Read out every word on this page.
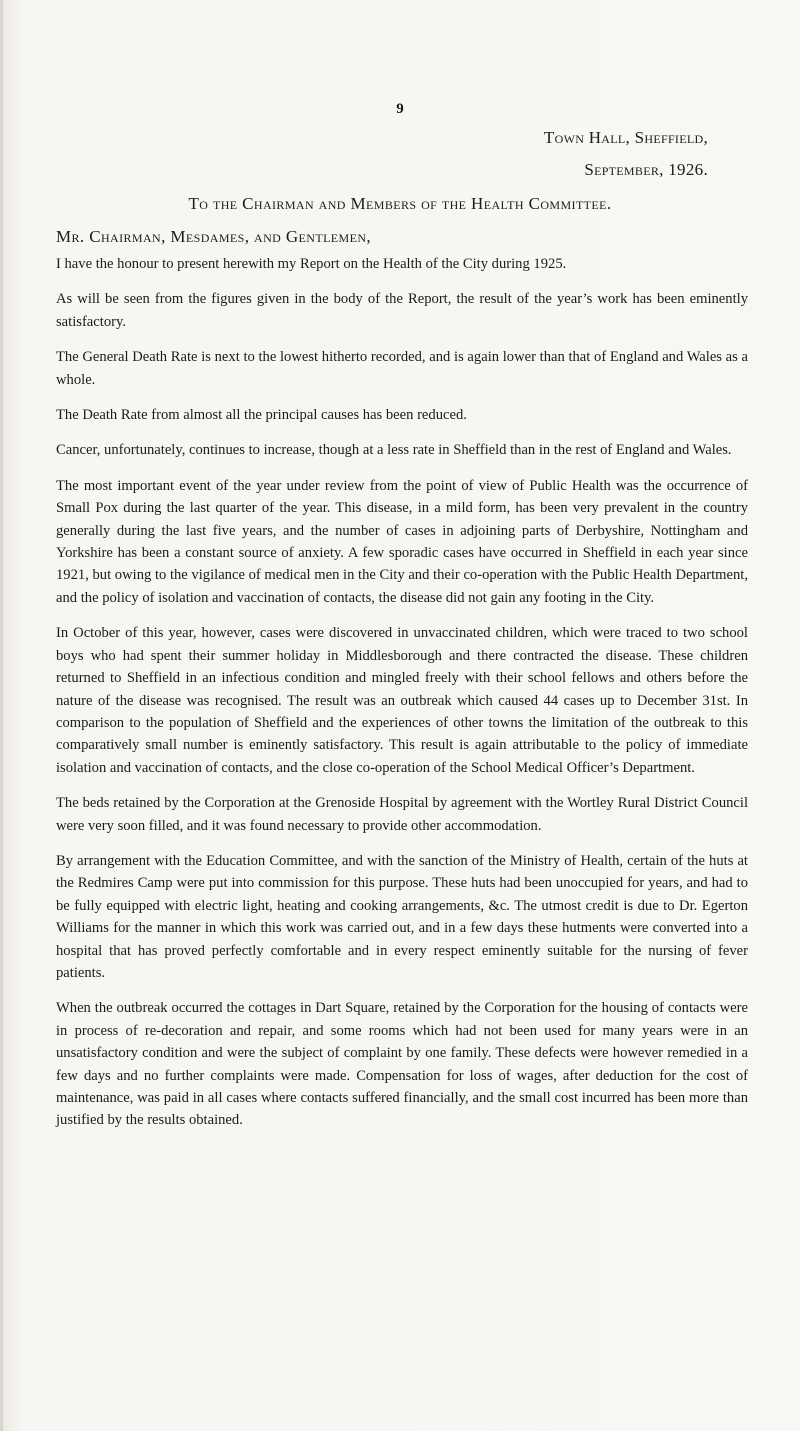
9
Town Hall, Sheffield,
September, 1926.
To the Chairman and Members of the Health Committee.
Mr. Chairman, Mesdames, and Gentlemen,

I have the honour to present herewith my Report on the Health of the City during 1925.

As will be seen from the figures given in the body of the Report, the result of the year’s work has been eminently satisfactory.

The General Death Rate is next to the lowest hitherto recorded, and is again lower than that of England and Wales as a whole.

The Death Rate from almost all the principal causes has been reduced.

Cancer, unfortunately, continues to increase, though at a less rate in Sheffield than in the rest of England and Wales.

The most important event of the year under review from the point of view of Public Health was the occurrence of Small Pox during the last quarter of the year. This disease, in a mild form, has been very prevalent in the country generally during the last five years, and the number of cases in adjoining parts of Derbyshire, Nottingham and Yorkshire has been a constant source of anxiety. A few sporadic cases have occurred in Sheffield in each year since 1921, but owing to the vigilance of medical men in the City and their co-operation with the Public Health Department, and the policy of isolation and vaccination of contacts, the disease did not gain any footing in the City.

In October of this year, however, cases were discovered in unvaccinated children, which were traced to two school boys who had spent their summer holiday in Middlesborough and there contracted the disease. These children returned to Sheffield in an infectious condition and mingled freely with their school fellows and others before the nature of the disease was recognised. The result was an outbreak which caused 44 cases up to December 31st. In comparison to the population of Sheffield and the experiences of other towns the limitation of the outbreak to this comparatively small number is eminently satisfactory. This result is again attributable to the policy of immediate isolation and vaccination of contacts, and the close co-operation of the School Medical Officer’s Department.

The beds retained by the Corporation at the Grenoside Hospital by agreement with the Wortley Rural District Council were very soon filled, and it was found necessary to provide other accommodation.

By arrangement with the Education Committee, and with the sanction of the Ministry of Health, certain of the huts at the Redmires Camp were put into commission for this purpose. These huts had been unoccupied for years, and had to be fully equipped with electric light, heating and cooking arrangements, &c. The utmost credit is due to Dr. Egerton Williams for the manner in which this work was carried out, and in a few days these hutments were converted into a hospital that has proved perfectly comfortable and in every respect eminently suitable for the nursing of fever patients.

When the outbreak occurred the cottages in Dart Square, retained by the Corporation for the housing of contacts were in process of re-decoration and repair, and some rooms which had not been used for many years were in an unsatisfactory condition and were the subject of complaint by one family. These defects were however remedied in a few days and no further complaints were made. Compensation for loss of wages, after deduction for the cost of maintenance, was paid in all cases where contacts suffered financially, and the small cost incurred has been more than justified by the results obtained.
